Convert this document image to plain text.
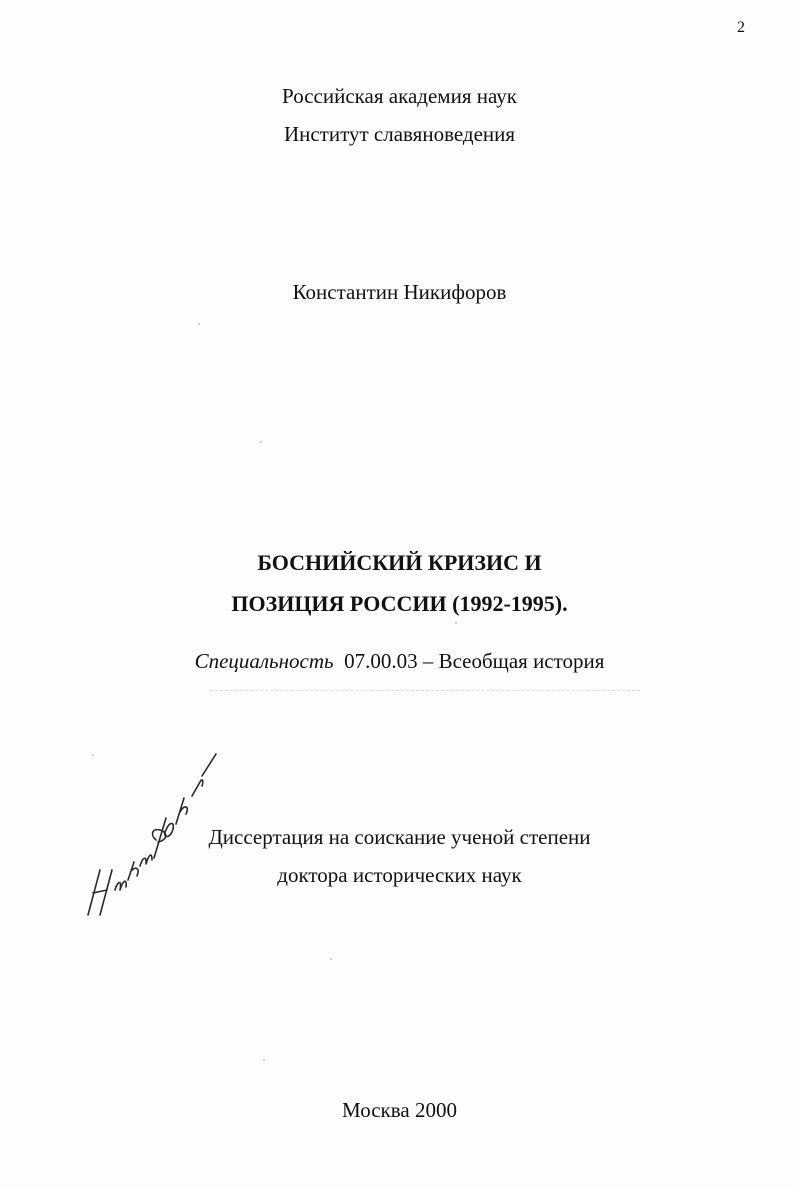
2
Российская академия наук
Институт славяноведения
Константин Никифоров
БОСНИЙСКИЙ КРИЗИС И
ПОЗИЦИЯ РОССИИ (1992-1995).
Специальность 07.00.03 – Всеобщая история
Диссертация на соискание ученой степени
доктора исторических наук
Москва 2000
